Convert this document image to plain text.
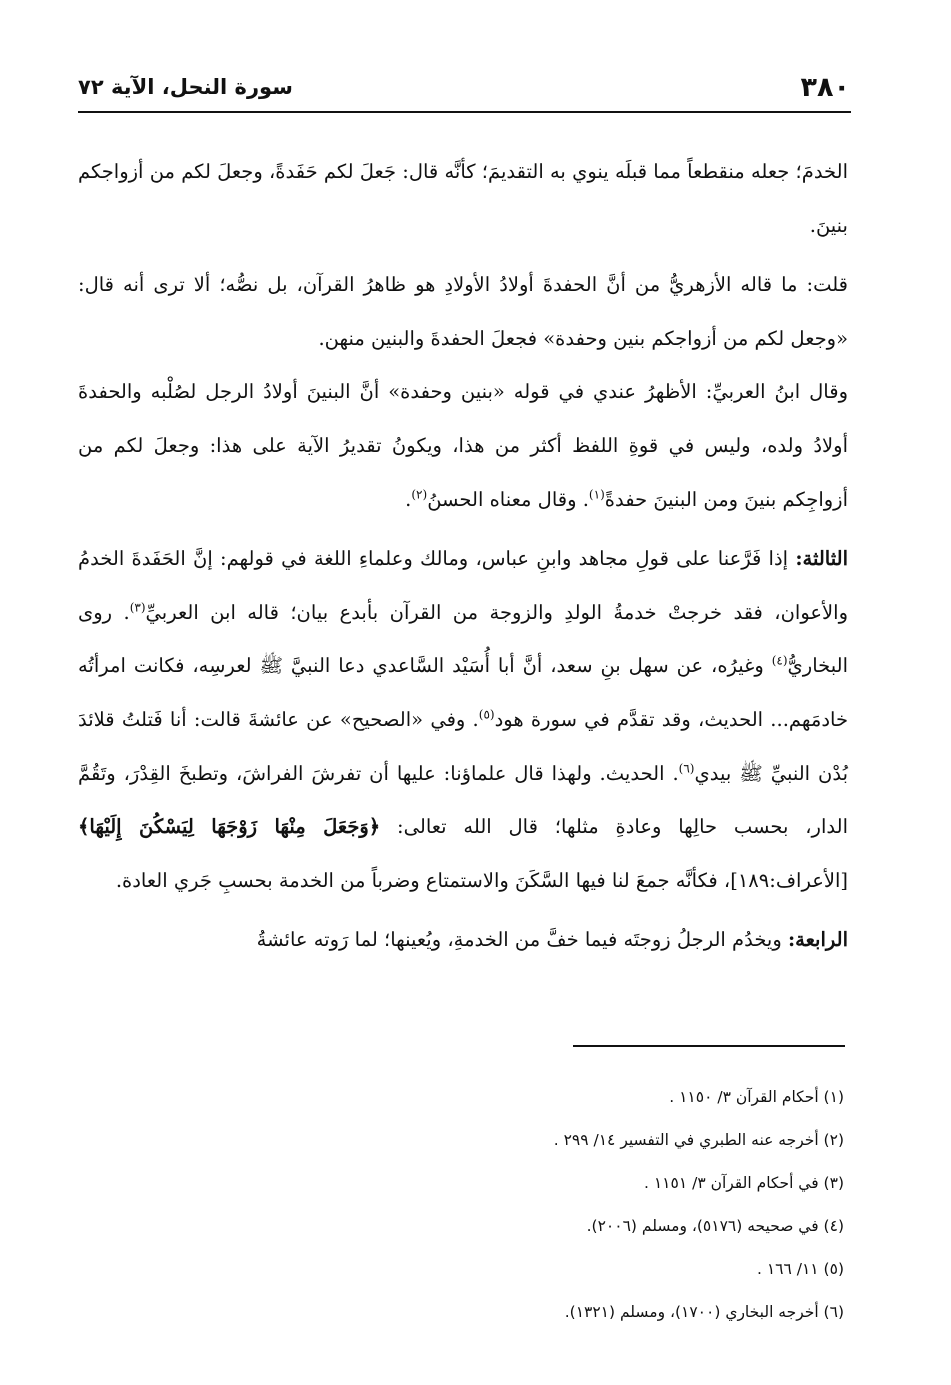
٣٨٠
سورة النحل، الآية ٧٢

الخدمَ؛ جعله منقطعاً مما قبلَه ينوي به التقديمَ؛ كأنَّه قال: جَعلَ لكم حَفَدةً، وجعلَ لكم من أزواجكم بنينَ.

قلت: ما قاله الأزهريُّ من أنَّ الحفدةَ أولادُ الأولادِ هو ظاهرُ القرآن، بل نصُّه؛ ألا ترى أنه قال: «وجعل لكم من أزواجكم بنين وحفدة» فجعلَ الحفدةَ والبنين منهن.

وقال ابنُ العربيِّ: الأظهرُ عندي في قوله «بنين وحفدة» أنَّ البنينَ أولادُ الرجل لصُلْبه والحفدةَ أولادُ ولده، وليس في قوةِ اللفظ أكثر من هذا، ويكونُ تقديرُ الآية على هذا: وجعلَ لكم من أزواجِكم بنينَ ومن البنينَ حفدةً$^{(١)}$. وقال معناه الحسنُ$^{(٢)}$.

الثالثة: إذا فَرَّعنا على قولِ مجاهد وابنِ عباس، ومالك وعلماءِ اللغة في قولهم: إنَّ الحَفَدةَ الخدمُ والأعوان، فقد خرجتْ خدمةُ الولدِ والزوجة من القرآن بأبدع بيان؛ قاله ابن العربيِّ$^{(٣)}$. روى البخاريُّ$^{(٤)}$ وغيرُه، عن سهل بنِ سعد، أنَّ أبا أُسَيْد السَّاعدي دعا النبيَّ ﷺ لعرسِه، فكانت امرأتُه خادمَهم... الحديث، وقد تقدَّم في سورة هود$^{(٥)}$. وفي «الصحيح» عن عائشةَ قالت: أنا فَتلتُ قلائدَ بُدْن النبيِّ ﷺ بيدي$^{(٦)}$. الحديث. ولهذا قال علماؤنا: عليها أن تفرشَ الفراشَ، وتطبخَ القِدْرَ، وتَقُمَّ الدار، بحسب حالِها وعادةِ مثلها؛ قال الله تعالى: ﴿وَجَعَلَ مِنْهَا زَوْجَهَا لِيَسْكُنَ إِلَيْهَا﴾ [الأعراف:١٨٩]، فكأنَّه جمعَ لنا فيها السَّكَنَ والاستمتاع وضرباً من الخدمة بحسبِ جَري العادة.

الرابعة: ويخدُم الرجلُ زوجتَه فيما خفَّ من الخدمةِ، ويُعينها؛ لما رَوته عائشةُ

(١) أحكام القرآن ٣/ ١١٥٠ .
(٢) أخرجه عنه الطبري في التفسير ١٤/ ٢٩٩ .
(٣) في أحكام القرآن ٣/ ١١٥١ .
(٤) في صحيحه (٥١٧٦)، ومسلم (٢٠٠٦).
(٥) ١١/ ١٦٦ .
(٦) أخرجه البخاري (١٧٠٠)، ومسلم (١٣٢١).
